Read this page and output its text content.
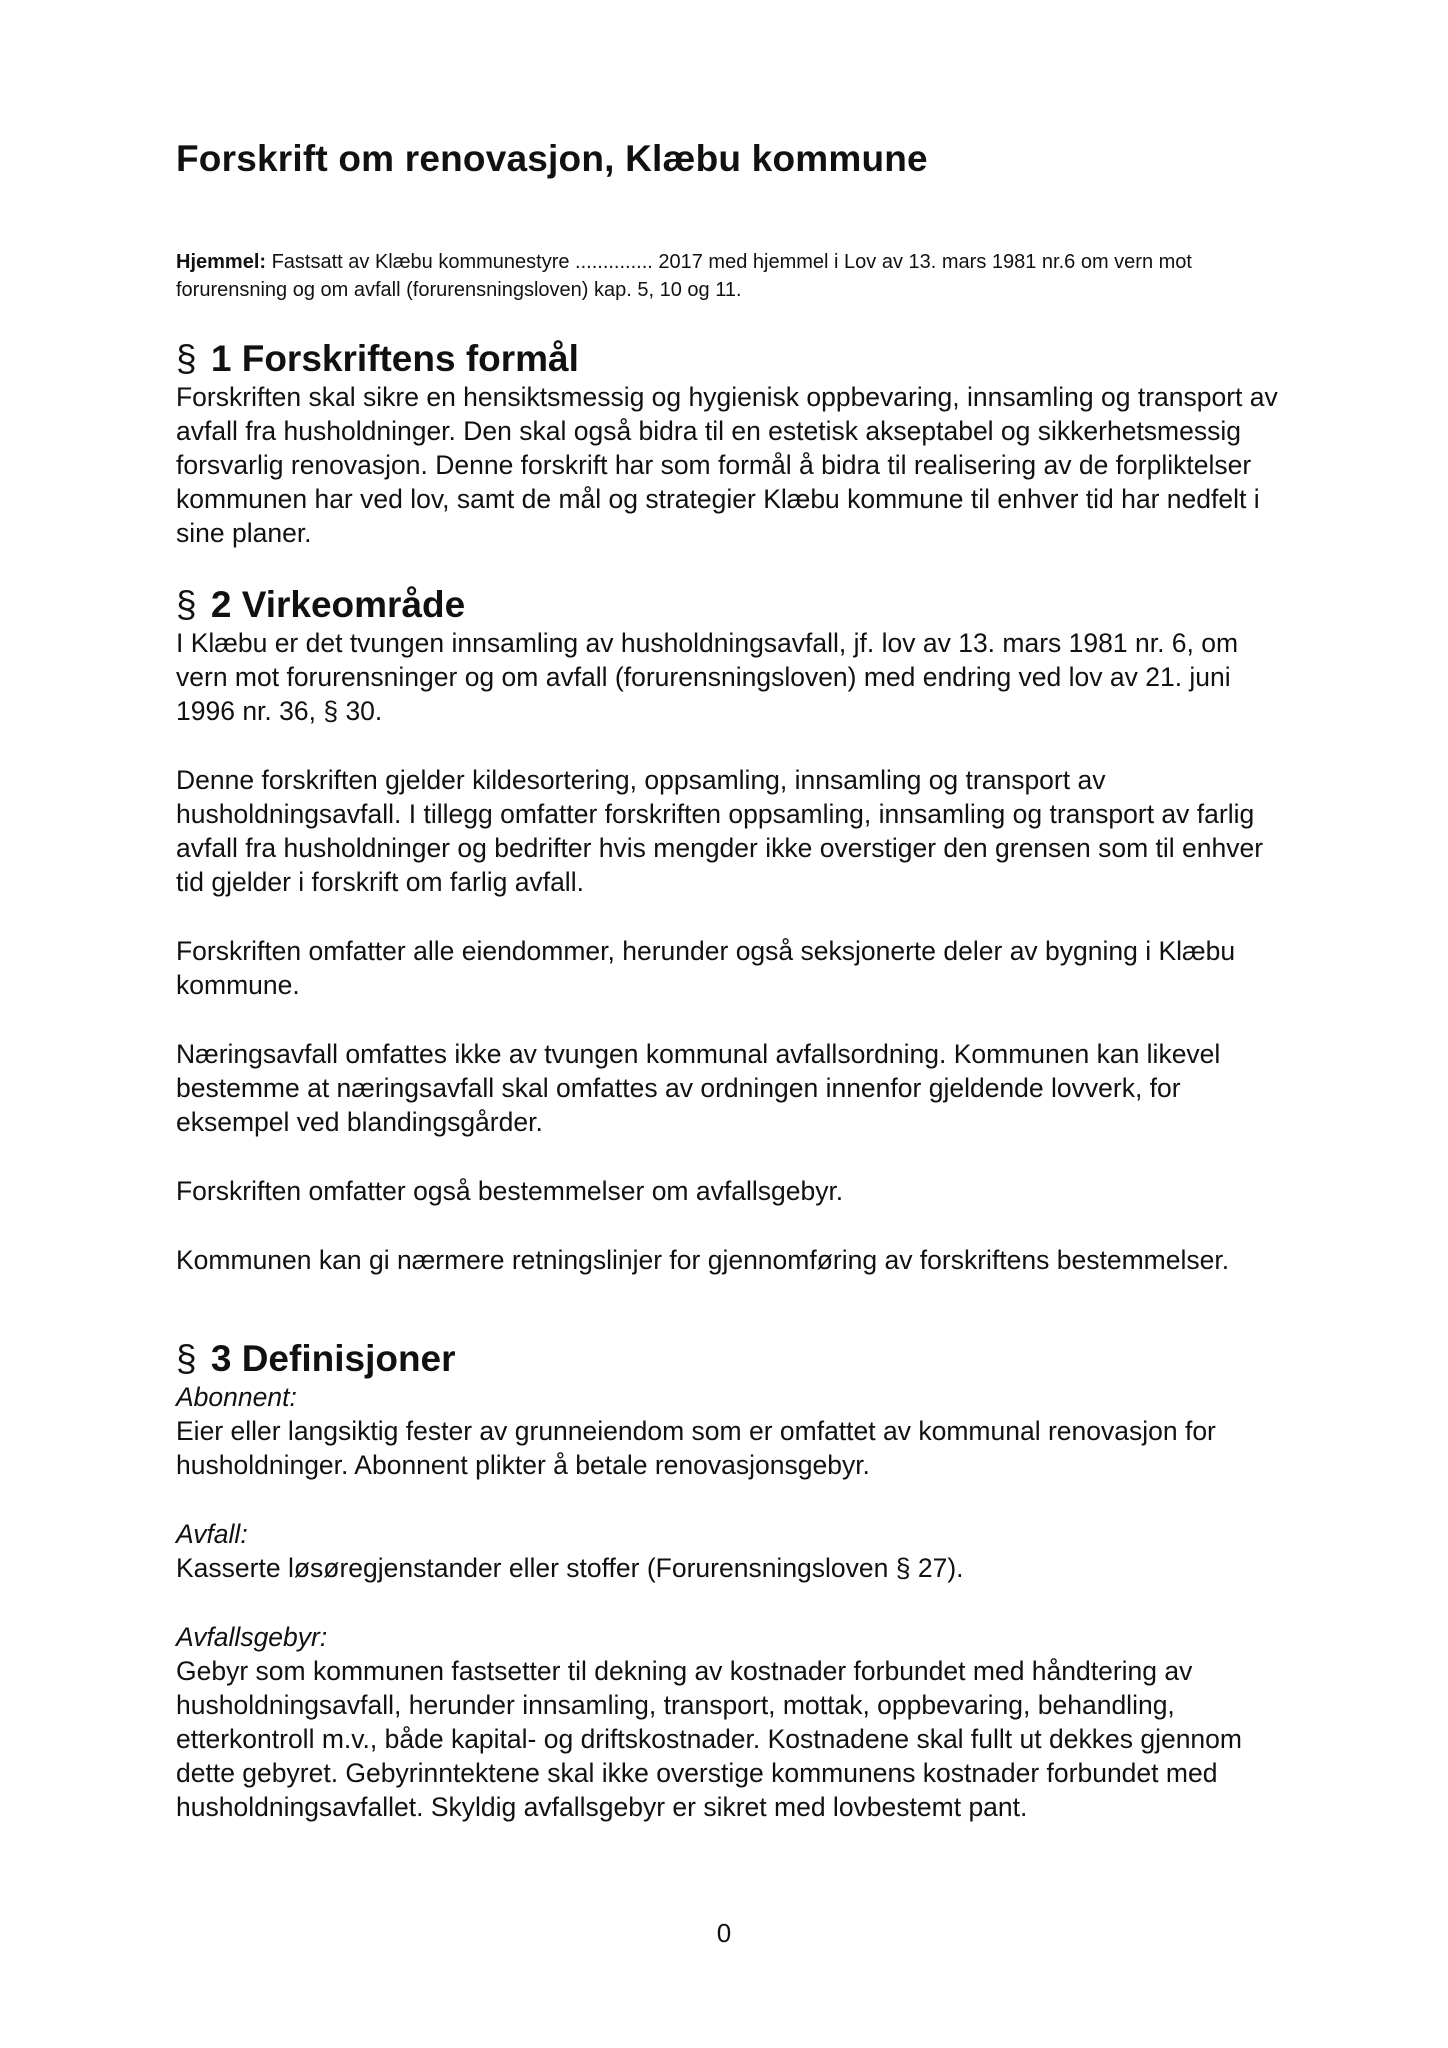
Forskrift om renovasjon, Klæbu kommune
Hjemmel: Fastsatt av Klæbu kommunestyre .............. 2017 med hjemmel i Lov av 13. mars 1981 nr.6 om vern mot forurensning og om avfall (forurensningsloven) kap. 5, 10 og 11.
§ 1 Forskriftens formål

Forskriften skal sikre en hensiktsmessig og hygienisk oppbevaring, innsamling og transport av avfall fra husholdninger. Den skal også bidra til en estetisk akseptabel og sikkerhetsmessig forsvarlig renovasjon. Denne forskrift har som formål å bidra til realisering av de forpliktelser kommunen har ved lov, samt de mål og strategier Klæbu kommune til enhver tid har nedfelt i sine planer.

§ 2 Virkeområde

I Klæbu er det tvungen innsamling av husholdningsavfall, jf. lov av 13. mars 1981 nr. 6, om vern mot forurensninger og om avfall (forurensningsloven) med endring ved lov av 21. juni 1996 nr. 36, § 30.

Denne forskriften gjelder kildesortering, oppsamling, innsamling og transport av husholdningsavfall. I tillegg omfatter forskriften oppsamling, innsamling og transport av farlig avfall fra husholdninger og bedrifter hvis mengder ikke overstiger den grensen som til enhver tid gjelder i forskrift om farlig avfall.

Forskriften omfatter alle eiendommer, herunder også seksjonerte deler av bygning i Klæbu kommune.

Næringsavfall omfattes ikke av tvungen kommunal avfallsordning. Kommunen kan likevel bestemme at næringsavfall skal omfattes av ordningen innenfor gjeldende lovverk, for eksempel ved blandingsgårder.

Forskriften omfatter også bestemmelser om avfallsgebyr.

Kommunen kan gi nærmere retningslinjer for gjennomføring av forskriftens bestemmelser.

§ 3 Definisjoner

Abonnent:

Eier eller langsiktig fester av grunneiendom som er omfattet av kommunal renovasjon for husholdninger. Abonnent plikter å betale renovasjonsgebyr.

Avfall:

Kasserte løsøregjenstander eller stoffer (Forurensningsloven § 27).

Avfallsgebyr:

Gebyr som kommunen fastsetter til dekning av kostnader forbundet med håndtering av husholdningsavfall, herunder innsamling, transport, mottak, oppbevaring, behandling, etterkontroll m.v., både kapital- og driftskostnader. Kostnadene skal fullt ut dekkes gjennom dette gebyret. Gebyrinntektene skal ikke overstige kommunens kostnader forbundet med husholdningsavfallet. Skyldig avfallsgebyr er sikret med lovbestemt pant.

0
